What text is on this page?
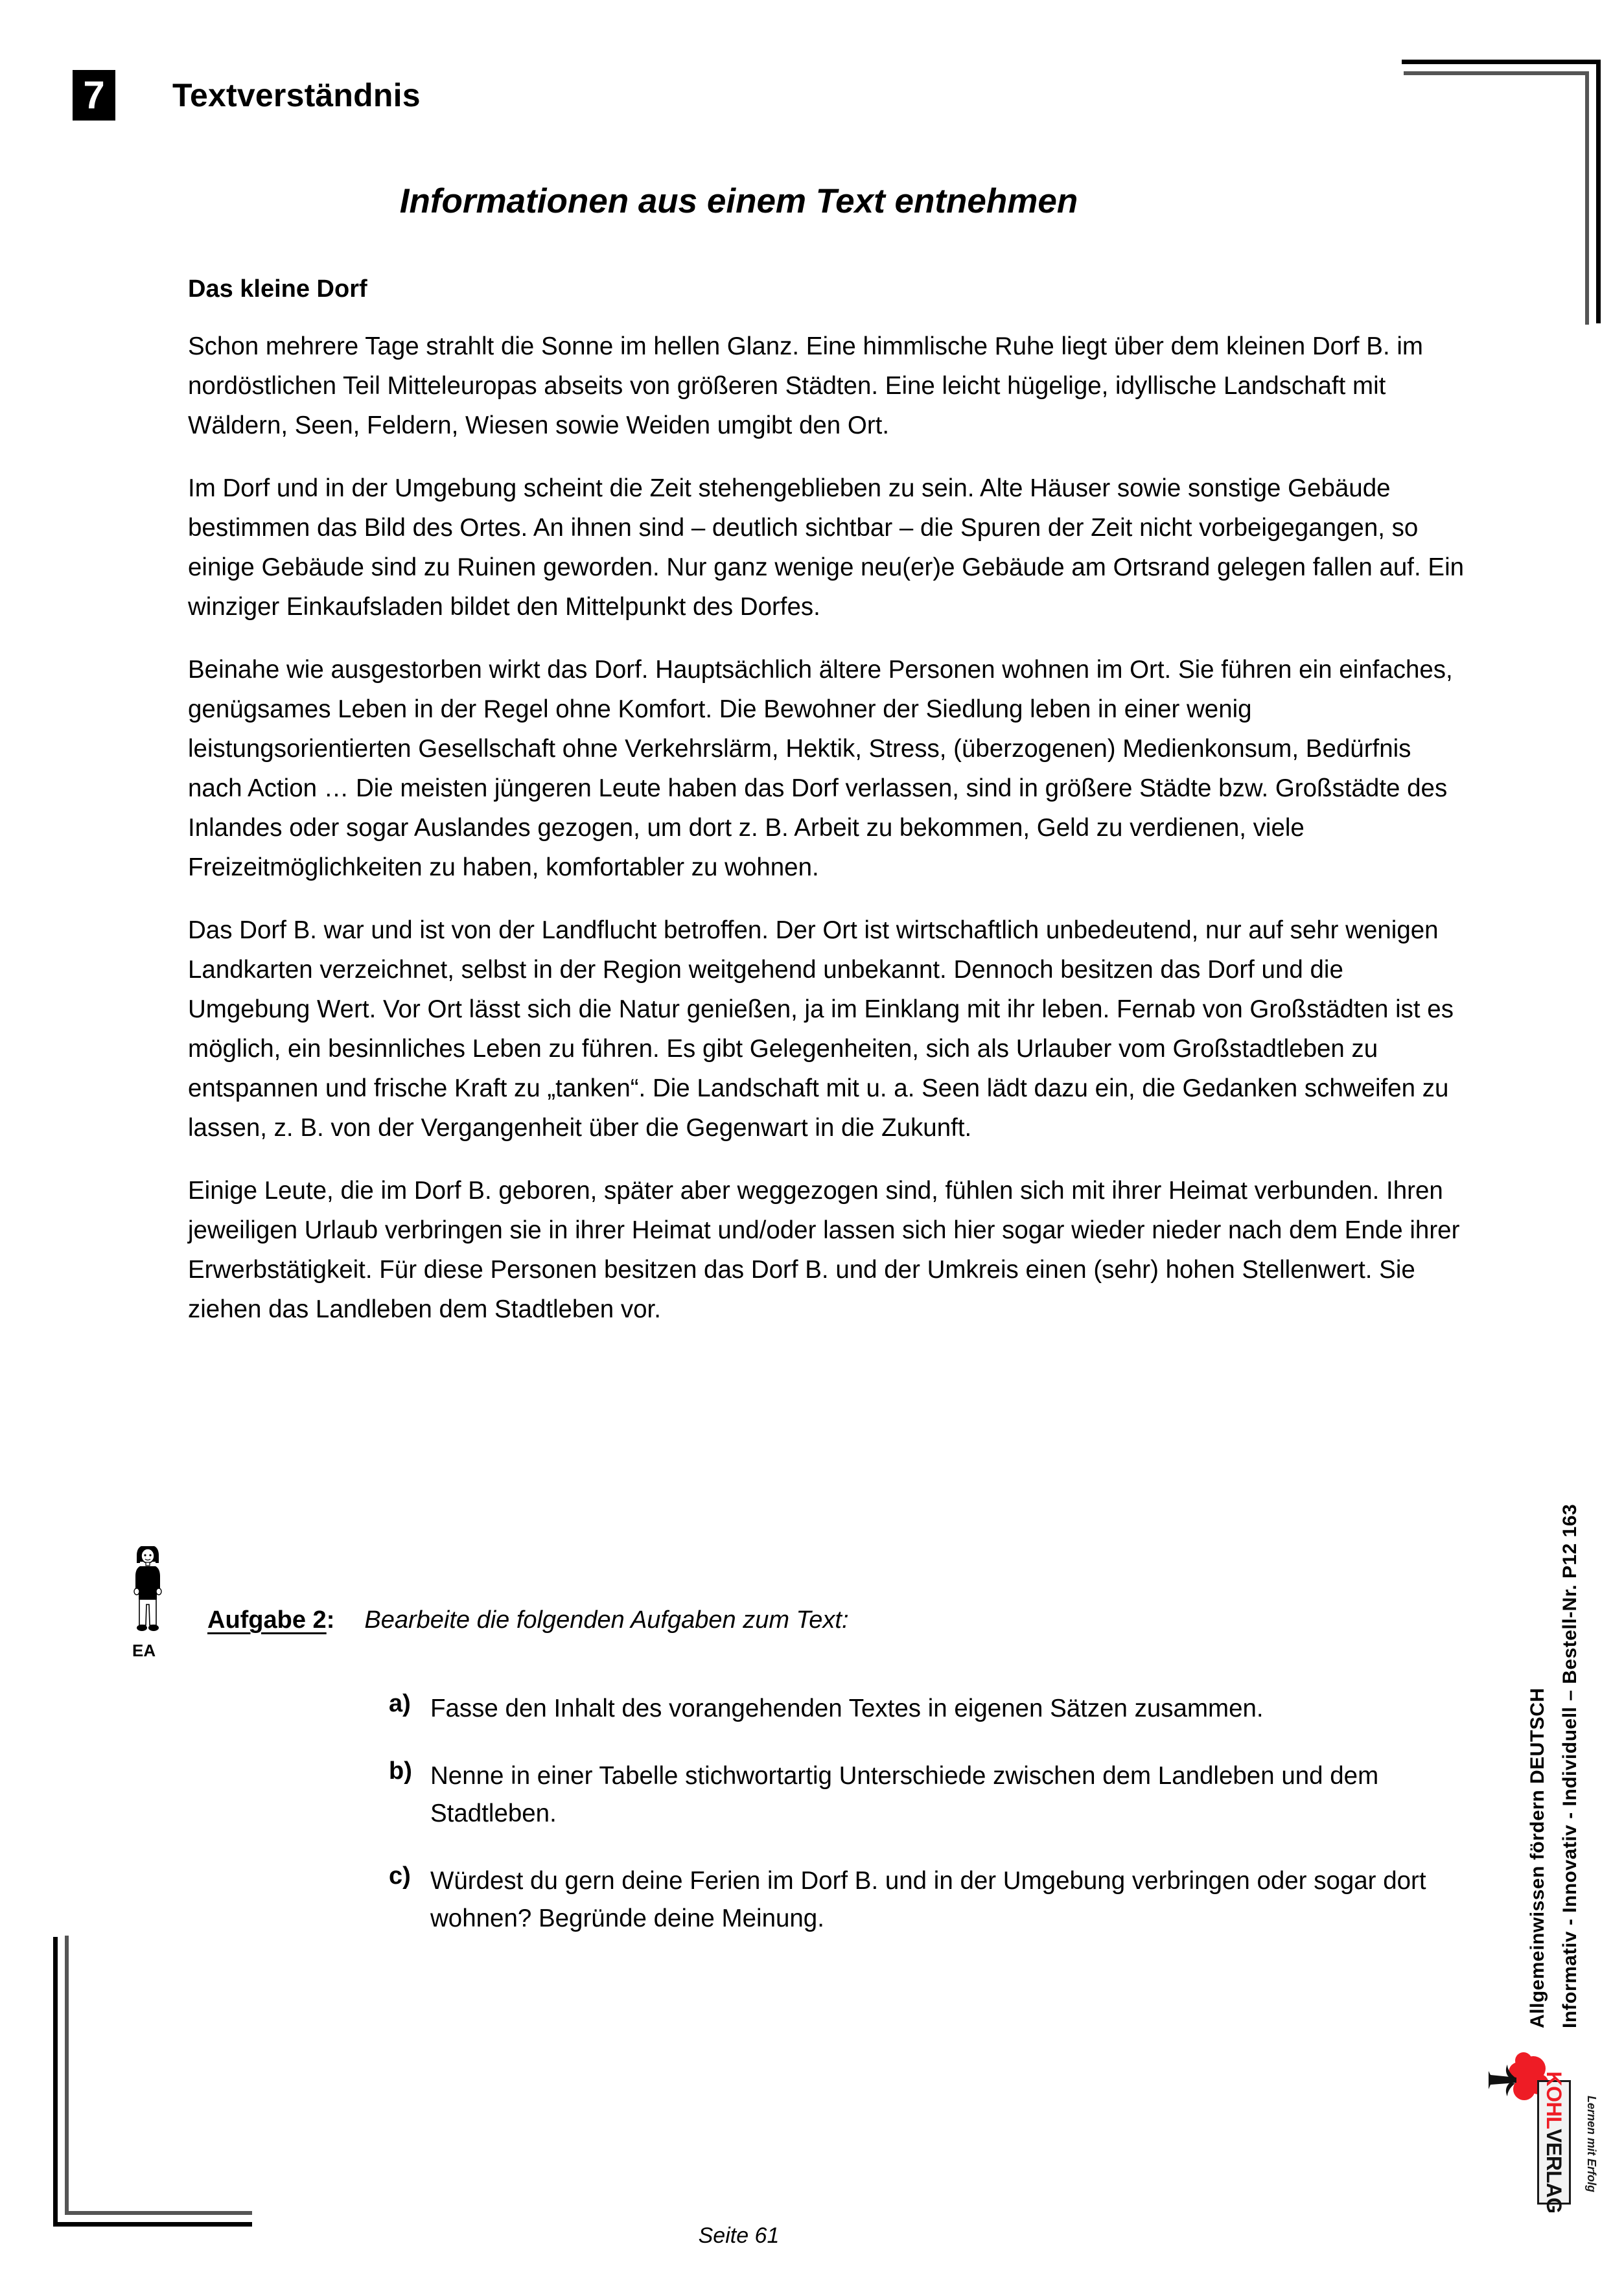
7	Textverständnis
Informationen aus einem Text entnehmen
Das kleine Dorf

Schon mehrere Tage strahlt die Sonne im hellen Glanz. Eine himmlische Ruhe liegt über dem kleinen Dorf B. im nordöstlichen Teil Mitteleuropas abseits von größeren Städten. Eine leicht hügelige, idyllische Landschaft mit Wäldern, Seen, Feldern, Wiesen sowie Weiden umgibt den Ort.

Im Dorf und in der Umgebung scheint die Zeit stehengeblieben zu sein. Alte Häuser sowie sonstige Gebäude bestimmen das Bild des Ortes. An ihnen sind – deutlich sichtbar – die Spuren der Zeit nicht vorbeigegangen, so einige Gebäude sind zu Ruinen geworden. Nur ganz wenige neu(er)e Gebäude am Ortsrand gelegen fallen auf. Ein winziger Einkaufsladen bildet den Mittelpunkt des Dorfes.

Beinahe wie ausgestorben wirkt das Dorf. Hauptsächlich ältere Personen wohnen im Ort. Sie führen ein einfaches, genügsames Leben in der Regel ohne Komfort. Die Bewohner der Siedlung leben in einer wenig leistungsorientierten Gesellschaft ohne Verkehrslärm, Hektik, Stress, (überzogenen) Medienkonsum, Bedürfnis nach Action … Die meisten jüngeren Leute haben das Dorf verlassen, sind in größere Städte bzw. Großstädte des Inlandes oder sogar Auslandes gezogen, um dort z. B. Arbeit zu bekommen, Geld zu verdienen, viele Freizeitmöglichkeiten zu haben, komfortabler zu wohnen.

Das Dorf B. war und ist von der Landflucht betroffen. Der Ort ist wirtschaftlich unbedeutend, nur auf sehr wenigen Landkarten verzeichnet, selbst in der Region weitgehend unbekannt. Dennoch besitzen das Dorf und die Umgebung Wert. Vor Ort lässt sich die Natur genießen, ja im Einklang mit ihr leben. Fernab von Großstädten ist es möglich, ein besinnliches Leben zu führen. Es gibt Gelegenheiten, sich als Urlauber vom Großstadtleben zu entspannen und frische Kraft zu „tanken“. Die Landschaft mit u. a. Seen lädt dazu ein, die Gedanken schweifen zu lassen, z. B. von der Vergangenheit über die Gegenwart in die Zukunft.

Einige Leute, die im Dorf B. geboren, später aber weggezogen sind, fühlen sich mit ihrer Heimat verbunden. Ihren jeweiligen Urlaub verbringen sie in ihrer Heimat und/oder lassen sich hier sogar wieder nieder nach dem Ende ihrer Erwerbstätigkeit. Für diese Personen besitzen das Dorf B. und der Umkreis einen (sehr) hohen Stellenwert. Sie ziehen das Landleben dem Stadtleben vor.

EA
Aufgabe 2 : Bearbeite die folgenden Aufgaben zum Text:
a) Fasse den Inhalt des vorangehenden Textes in eigenen Sätzen zusammen.
b) Nenne in einer Tabelle stichwortartig Unterschiede zwischen dem Landleben und dem Stadtleben.
c) Würdest du gern deine Ferien im Dorf B. und in der Umgebung verbringen oder sogar dort wohnen? Begründe deine Meinung.	Allgemeinwissen fördern DEUTSCH Informativ - Innovativ - Individuell – Bestell-Nr. P12 163
Lernen mit Erfolg
KOHL
VERLAG
Seite 61
